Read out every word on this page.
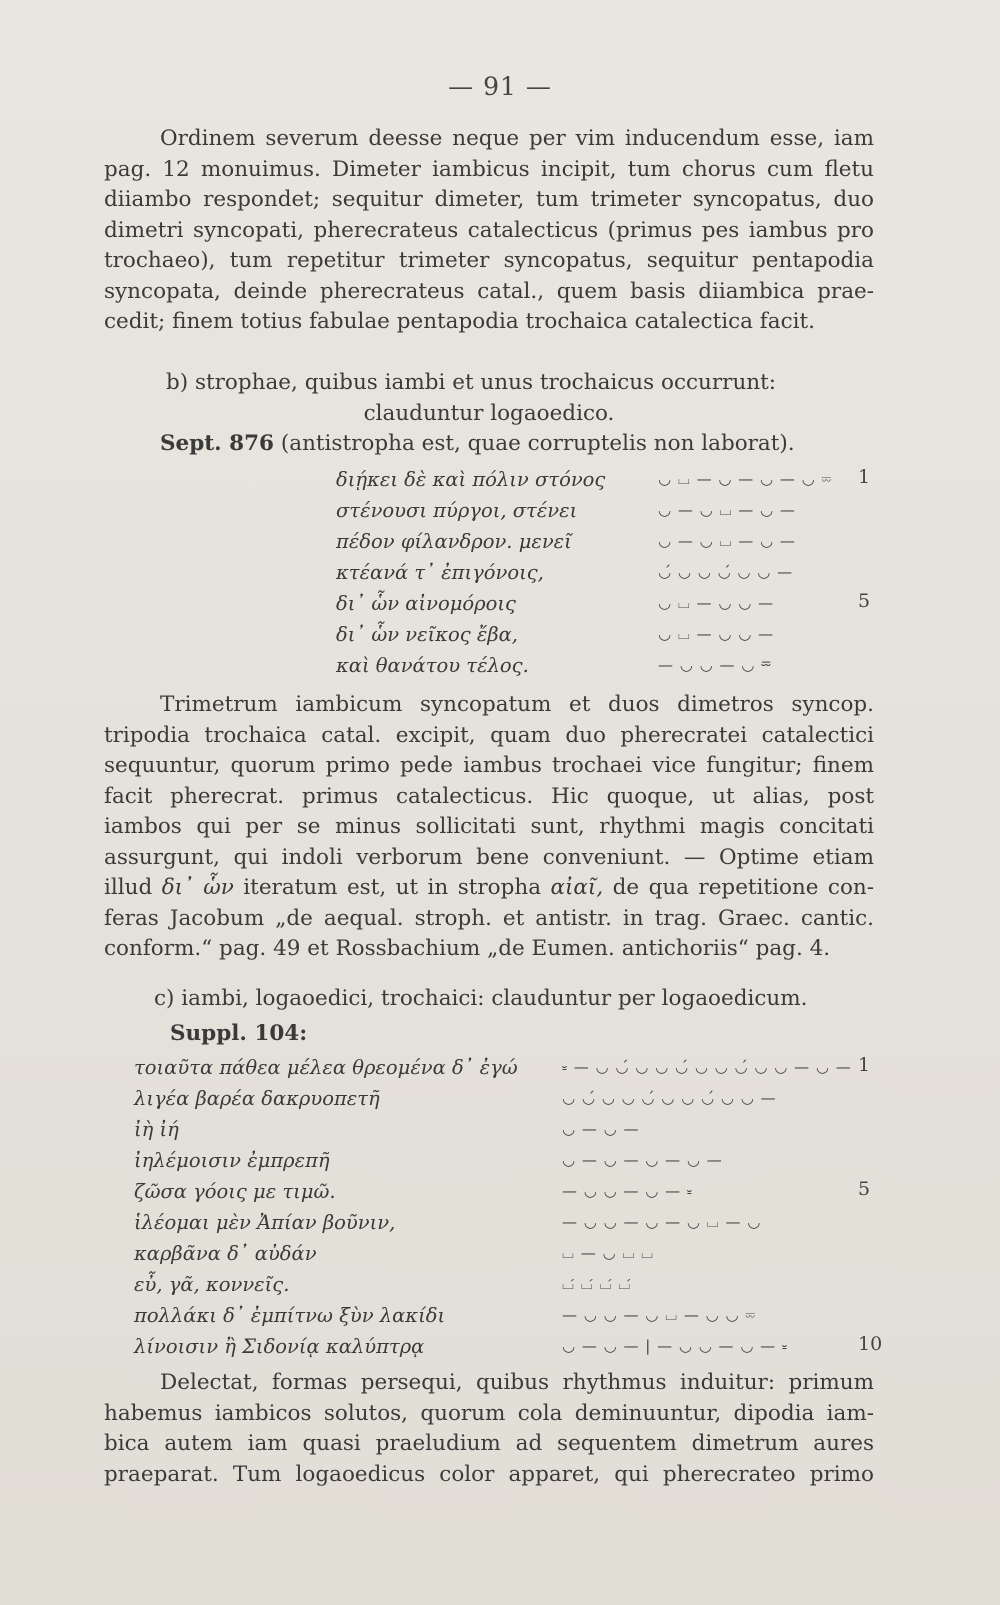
— 91 —
Ordinem severum deesse neque per vim inducendum esse, iam
pag. 12 monuimus. Dimeter iambicus incipit, tum chorus cum fletu
diiambo respondet; sequitur dimeter, tum trimeter syncopatus, duo
dimetri syncopati, pherecrateus catalecticus (primus pes iambus pro
trochaeo), tum repetitur trimeter syncopatus, sequitur pentapodia
syncopata, deinde pherecrateus catal., quem basis diiambica prae-
cedit; finem totius fabulae pentapodia trochaica catalectica facit.
b) strophae, quibus iambi et unus trochaicus occurrunt:
clauduntur logaoedico.
Sept. 876 (antistropha est, quae corruptelis non laborat).
διῄκει δὲ καὶ πόλιν στόνος	◡ ⌴ — ◡ — ◡ — ◡ ⏔ 1
στένουσι πύργοι, στένει	◡ — ◡ ⌴ — ◡ —
πέδον φίλανδρον. μενεῖ	◡ — ◡ ⌴ — ◡ —
κτέανά τ᾽ ἐπιγόνοις,	◡́ ◡ ◡ ◡́ ◡ ◡ —
δι᾽ ὧν αἰνομόροις	◡ ⌴ — ◡ ◡ —	5
δι᾽ ὧν νεῖκος ἔβα,	◡ ⌴ — ◡ ◡ —
καὶ θανάτου τέλος.	— ◡ ◡ — ◡ ⏔
Trimetrum iambicum syncopatum et duos dimetros syncop.
tripodia trochaica catal. excipit, quam duo pherecratei catalectici
sequuntur, quorum primo pede iambus trochaei vice fungitur; finem
facit pherecrat. primus catalecticus. Hic quoque, ut alias, post
iambos qui per se minus sollicitati sunt, rhythmi magis concitati
assurgunt, qui indoli verborum bene conveniunt. — Optime etiam
illud δι᾽ ὧν iteratum est, ut in stropha αἰαῖ, de qua repetitione con-
feras Jacobum „de aequal. stroph. et antistr. in trag. Graec. cantic.
conform.“ pag. 49 et Rossbachium „de Eumen. antichoriis“ pag. 4.
c) iambi, logaoedici, trochaici: clauduntur per logaoedicum.
Suppl. 104:
τοιαῦτα πάθεα μέλεα θρεομένα δ᾽ ἐγώ	⏓ — ◡ ◡́ ◡ ◡ ◡́ ◡ ◡ ◡́ ◡ ◡ — ◡ — 1
λιγέα βαρέα δακρυοπετῆ	◡ ◡́ ◡ ◡ ◡́ ◡ ◡ ◡́ ◡ ◡ —
ἰὴ ἰή	◡ — ◡ —
ἰηλέμοισιν ἐμπρεπῆ	◡ — ◡ — ◡ — ◡ —
ζῶσα γόοις με τιμῶ.	— ◡ ◡ — ◡ — ⏓	5
ἱλέομαι μὲν Ἀπίαν βοῦνιν,	— ◡ ◡ — ◡ — ◡ ⌴ — ◡
καρβᾶνα δ᾽ αὐδάν	⌴ — ◡ ⌴ ⌴
εὖ, γᾶ, κοννεῖς.	⌴́ ⌴́ ⌴́ ⌴́
πολλάκι δ᾽ ἐμπίτνω ξὺν λακίδι	— ◡ ◡ — ◡ ⌴ — ◡ ◡ ⏔
λίνοισιν ἢ Σιδονίᾳ καλύπτρᾳ	◡ — ◡ — | — ◡ ◡ — ◡ — ⏓	10
Delectat, formas persequi, quibus rhythmus induitur: primum
habemus iambicos solutos, quorum cola deminuuntur, dipodia iam-
bica autem iam quasi praeludium ad sequentem dimetrum aures
praeparat. Tum logaoedicus color apparet, qui pherecrateo primo
